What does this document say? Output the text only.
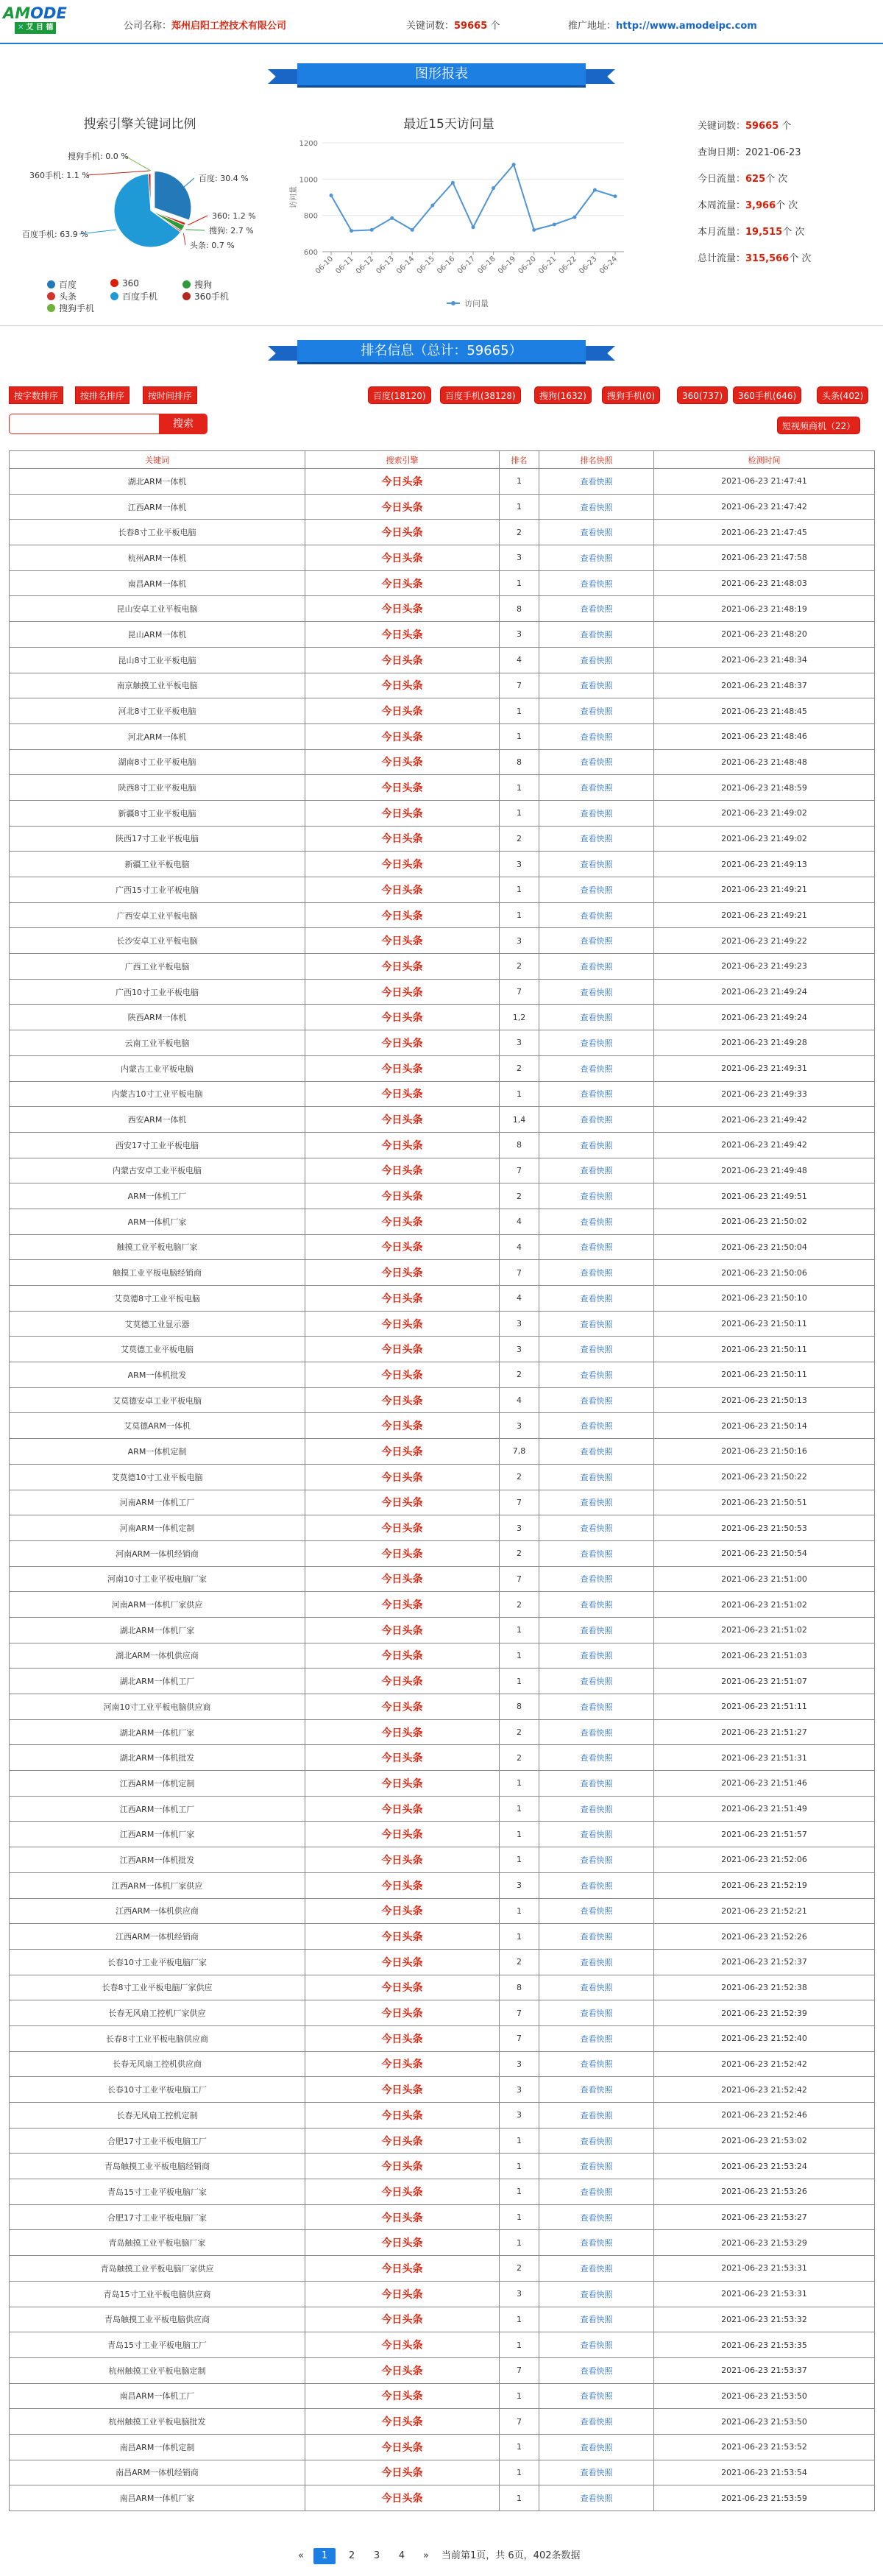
AMODE
✕ 艾 目 德	公司名称：郑州启阳工控技术有限公司	关键词数：59665 个	推广地址：http://www.amodeipc.com
图形报表
搜索引擎关键词比例
百度: 30.4 %
360: 1.2 %
搜狗: 2.7 %
头条: 0.7 %
百度手机: 63.9 %
360手机: 1.1 %
搜狗手机: 0.0 %
百度	360	搜狗
头条	百度手机	360手机
搜狗手机
最近15天访问量
1200
1000
800
600
访问量
06-10 06-11 06-12 06-13 06-14 06-15 06-16 06-17 06-18 06-19 06-20 06-21 06-22 06-23 06-24
访问量
关键词数：59665 个
查询日期：2021-06-23
今日流量：625个 次
本周流量：3,966个 次
本月流量：19,515个 次
总计流量：315,566个 次
排名信息（总计：59665）
按字数排序	按排名排序	按时间排序	百度(18120)	百度手机(38128)	搜狗(1632)	搜狗手机(0)	360(737)	360手机(646)	头条(402)
搜索	短视频商机（22）
关键词	搜索引擎	排名	排名快照	检测时间
湖北ARM一体机	今日头条	1	查看快照	2021-06-23 21:47:41
江西ARM一体机	今日头条	1	查看快照	2021-06-23 21:47:42
长春8寸工业平板电脑	今日头条	2	查看快照	2021-06-23 21:47:45
杭州ARM一体机	今日头条	3	查看快照	2021-06-23 21:47:58
南昌ARM一体机	今日头条	1	查看快照	2021-06-23 21:48:03
昆山安卓工业平板电脑	今日头条	8	查看快照	2021-06-23 21:48:19
昆山ARM一体机	今日头条	3	查看快照	2021-06-23 21:48:20
昆山8寸工业平板电脑	今日头条	4	查看快照	2021-06-23 21:48:34
南京触摸工业平板电脑	今日头条	7	查看快照	2021-06-23 21:48:37
河北8寸工业平板电脑	今日头条	1	查看快照	2021-06-23 21:48:45
河北ARM一体机	今日头条	1	查看快照	2021-06-23 21:48:46
湖南8寸工业平板电脑	今日头条	8	查看快照	2021-06-23 21:48:48
陕西8寸工业平板电脑	今日头条	1	查看快照	2021-06-23 21:48:59
新疆8寸工业平板电脑	今日头条	1	查看快照	2021-06-23 21:49:02
陕西17寸工业平板电脑	今日头条	2	查看快照	2021-06-23 21:49:02
新疆工业平板电脑	今日头条	3	查看快照	2021-06-23 21:49:13
广西15寸工业平板电脑	今日头条	1	查看快照	2021-06-23 21:49:21
广西安卓工业平板电脑	今日头条	1	查看快照	2021-06-23 21:49:21
长沙安卓工业平板电脑	今日头条	3	查看快照	2021-06-23 21:49:22
广西工业平板电脑	今日头条	2	查看快照	2021-06-23 21:49:23
广西10寸工业平板电脑	今日头条	7	查看快照	2021-06-23 21:49:24
陕西ARM一体机	今日头条	1,2	查看快照	2021-06-23 21:49:24
云南工业平板电脑	今日头条	3	查看快照	2021-06-23 21:49:28
内蒙古工业平板电脑	今日头条	2	查看快照	2021-06-23 21:49:31
内蒙古10寸工业平板电脑	今日头条	1	查看快照	2021-06-23 21:49:33
西安ARM一体机	今日头条	1,4	查看快照	2021-06-23 21:49:42
西安17寸工业平板电脑	今日头条	8	查看快照	2021-06-23 21:49:42
内蒙古安卓工业平板电脑	今日头条	7	查看快照	2021-06-23 21:49:48
ARM一体机工厂	今日头条	2	查看快照	2021-06-23 21:49:51
ARM一体机厂家	今日头条	4	查看快照	2021-06-23 21:50:02
触摸工业平板电脑厂家	今日头条	4	查看快照	2021-06-23 21:50:04
触摸工业平板电脑经销商	今日头条	7	查看快照	2021-06-23 21:50:06
艾莫德8寸工业平板电脑	今日头条	4	查看快照	2021-06-23 21:50:10
艾莫德工业显示器	今日头条	3	查看快照	2021-06-23 21:50:11
艾莫德工业平板电脑	今日头条	3	查看快照	2021-06-23 21:50:11
ARM一体机批发	今日头条	2	查看快照	2021-06-23 21:50:11
艾莫德安卓工业平板电脑	今日头条	4	查看快照	2021-06-23 21:50:13
艾莫德ARM一体机	今日头条	3	查看快照	2021-06-23 21:50:14
ARM一体机定制	今日头条	7,8	查看快照	2021-06-23 21:50:16
艾莫德10寸工业平板电脑	今日头条	2	查看快照	2021-06-23 21:50:22
河南ARM一体机工厂	今日头条	7	查看快照	2021-06-23 21:50:51
河南ARM一体机定制	今日头条	3	查看快照	2021-06-23 21:50:53
河南ARM一体机经销商	今日头条	2	查看快照	2021-06-23 21:50:54
河南10寸工业平板电脑厂家	今日头条	7	查看快照	2021-06-23 21:51:00
河南ARM一体机厂家供应	今日头条	2	查看快照	2021-06-23 21:51:02
湖北ARM一体机厂家	今日头条	1	查看快照	2021-06-23 21:51:02
湖北ARM一体机供应商	今日头条	1	查看快照	2021-06-23 21:51:03
湖北ARM一体机工厂	今日头条	1	查看快照	2021-06-23 21:51:07
河南10寸工业平板电脑供应商	今日头条	8	查看快照	2021-06-23 21:51:11
湖北ARM一体机厂家	今日头条	2	查看快照	2021-06-23 21:51:27
湖北ARM一体机批发	今日头条	2	查看快照	2021-06-23 21:51:31
江西ARM一体机定制	今日头条	1	查看快照	2021-06-23 21:51:46
江西ARM一体机工厂	今日头条	1	查看快照	2021-06-23 21:51:49
江西ARM一体机厂家	今日头条	1	查看快照	2021-06-23 21:51:57
江西ARM一体机批发	今日头条	1	查看快照	2021-06-23 21:52:06
江西ARM一体机厂家供应	今日头条	3	查看快照	2021-06-23 21:52:19
江西ARM一体机供应商	今日头条	1	查看快照	2021-06-23 21:52:21
江西ARM一体机经销商	今日头条	1	查看快照	2021-06-23 21:52:26
长春10寸工业平板电脑厂家	今日头条	2	查看快照	2021-06-23 21:52:37
长春8寸工业平板电脑厂家供应	今日头条	8	查看快照	2021-06-23 21:52:38
长春无风扇工控机厂家供应	今日头条	7	查看快照	2021-06-23 21:52:39
长春8寸工业平板电脑供应商	今日头条	7	查看快照	2021-06-23 21:52:40
长春无风扇工控机供应商	今日头条	3	查看快照	2021-06-23 21:52:42
长春10寸工业平板电脑工厂	今日头条	3	查看快照	2021-06-23 21:52:42
长春无风扇工控机定制	今日头条	3	查看快照	2021-06-23 21:52:46
合肥17寸工业平板电脑工厂	今日头条	1	查看快照	2021-06-23 21:53:02
青岛触摸工业平板电脑经销商	今日头条	1	查看快照	2021-06-23 21:53:24
青岛15寸工业平板电脑厂家	今日头条	1	查看快照	2021-06-23 21:53:26
合肥17寸工业平板电脑厂家	今日头条	1	查看快照	2021-06-23 21:53:27
青岛触摸工业平板电脑厂家	今日头条	1	查看快照	2021-06-23 21:53:29
青岛触摸工业平板电脑厂家供应	今日头条	2	查看快照	2021-06-23 21:53:31
青岛15寸工业平板电脑供应商	今日头条	3	查看快照	2021-06-23 21:53:31
青岛触摸工业平板电脑供应商	今日头条	1	查看快照	2021-06-23 21:53:32
青岛15寸工业平板电脑工厂	今日头条	1	查看快照	2021-06-23 21:53:35
杭州触摸工业平板电脑定制	今日头条	7	查看快照	2021-06-23 21:53:37
南昌ARM一体机工厂	今日头条	1	查看快照	2021-06-23 21:53:50
杭州触摸工业平板电脑批发	今日头条	7	查看快照	2021-06-23 21:53:50
南昌ARM一体机定制	今日头条	1	查看快照	2021-06-23 21:53:52
南昌ARM一体机经销商	今日头条	1	查看快照	2021-06-23 21:53:54
南昌ARM一体机厂家	今日头条	1	查看快照	2021-06-23 21:53:59
«	1	2	3	4	» 当前第1页，共 6页，402条数据
